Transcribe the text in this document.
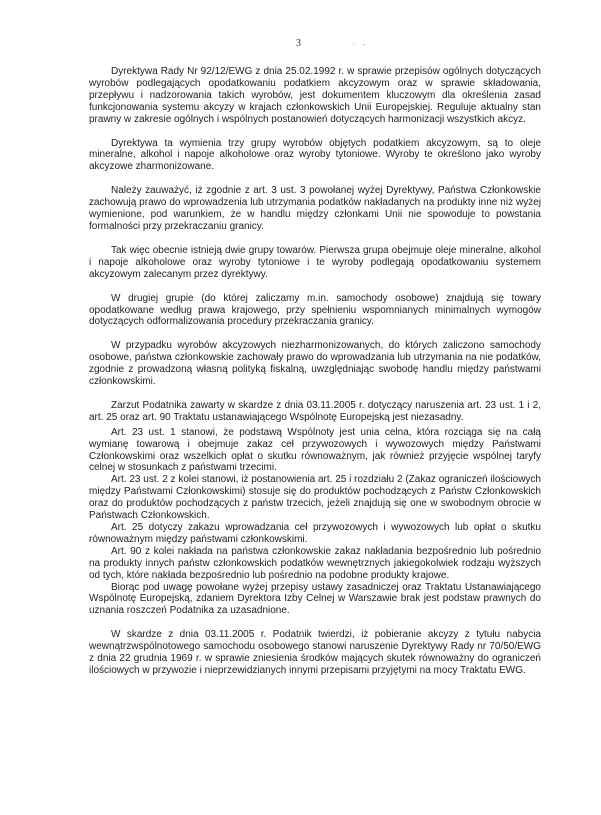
3	· -

Dyrektywa Rady Nr 92/12/EWG z dnia 25.02.1992 r. w sprawie przepisów ogólnych dotyczących wyrobów podlegających opodatkowaniu podatkiem akcyzowym oraz w sprawie składowania, przepływu i nadzorowania takich wyrobów, jest dokumentem kluczowym dla określenia zasad funkcjonowania systemu akcyzy w krajach członkowskich Unii Europejskiej. Reguluje aktualny stan prawny w zakresie ogólnych i wspólnych postanowień dotyczących harmonizacji wszystkich akcyz.

Dyrektywa ta wymienia trzy grupy wyrobów objętych podatkiem akcyzowym, są to oleje mineralne, alkohol i napoje alkoholowe oraz wyroby tytoniowe. Wyroby te określono jako wyroby akcyzowe zharmonizowane.

Należy zauważyć, iż zgodnie z art. 3 ust. 3 powołanej wyżej Dyrektywy, Państwa Członkowskie zachowują prawo do wprowadzenia lub utrzymania podatków nakładanych na produkty inne niż wyżej wymienione, pod warunkiem, że w handlu między członkami Unii nie spowoduje to powstania formalności przy przekraczaniu granicy.

Tak więc obecnie istnieją dwie grupy towarów. Pierwsza grupa obejmuje oleje mineralne, alkohol i napoje alkoholowe oraz wyroby tytoniowe i te wyroby podlegają opodatkowaniu systemem akcyzowym zalecanym przez dyrektywy.

W drugiej grupie (do której zaliczamy m.in. samochody osobowe) znajdują się towary opodatkowane według prawa krajowego, przy spełnieniu wspomnianych minimalnych wymogów dotyczących odformalizowania procedury przekraczania granicy.

W przypadku wyrobów akcyzowych niezharmonizowanych, do których zaliczono samochody osobowe, państwa członkowskie zachowały prawo do wprowadzania lub utrzymania na nie podatków, zgodnie z prowadzoną własną polityką fiskalną, uwzględniając swobodę handlu między państwami członkowskimi.

Zarzut Podatnika zawarty w skardze z dnia 03.11.2005 r. dotyczący naruszenia art. 23 ust. 1 i 2, art. 25 oraz art. 90 Traktatu ustanawiającego Wspólnotę Europejską jest niezasadny.

Art. 23 ust. 1 stanowi, że podstawą Wspólnoty jest unia celna, która rozciąga się na całą wymianę towarową i obejmuje zakaz ceł przywozowych i wywozowych między Państwami Członkowskimi oraz wszelkich opłat o skutku równoważnym, jak również przyjęcie wspólnej taryfy celnej w stosunkach z państwami trzecimi.

Art. 23 ust. 2 z kolei stanowi, iż postanowienia art. 25 i rozdziału 2 (Zakaz ograniczeń ilościowych między Państwami Członkowskimi) stosuje się do produktów pochodzących z Państw Członkowskich oraz do produktów pochodzących z państw trzecich, jeżeli znajdują się one w swobodnym obrocie w Państwach Członkowskich.

Art. 25 dotyczy zakazu wprowadzania ceł przywozowych i wywozowych lub opłat o skutku równoważnym między państwami członkowskimi.

Art. 90 z kolei nakłada na państwa członkowskie zakaz nakładania bezpośrednio lub pośrednio na produkty innych państw członkowskich podatków wewnętrznych jakiegokolwiek rodzaju wyższych od tych, które nakłada bezpośrednio lub pośrednio na podobne produkty krajowe.

Biorąc pod uwagę powołane wyżej przepisy ustawy zasadniczej oraz Traktatu Ustanawiającego Wspólnotę Europejską, zdaniem Dyrektora Izby Celnej w Warszawie brak jest podstaw prawnych do uznania roszczeń Podatnika za uzasadnione.

W skardze z dnia 03.11.2005 r. Podatnik twierdzi, iż pobieranie akcyzy z tytułu nabycia wewnątrzwspólnotowego samochodu osobowego stanowi naruszenie Dyrektywy Rady nr 70/50/EWG z dnia 22 grudnia 1969 r. w sprawie zniesienia środków mających skutek równoważny do ograniczeń ilościowych w przywozie i nieprzewidzianych innymi przepisami przyjętymi na mocy Traktatu EWG.
